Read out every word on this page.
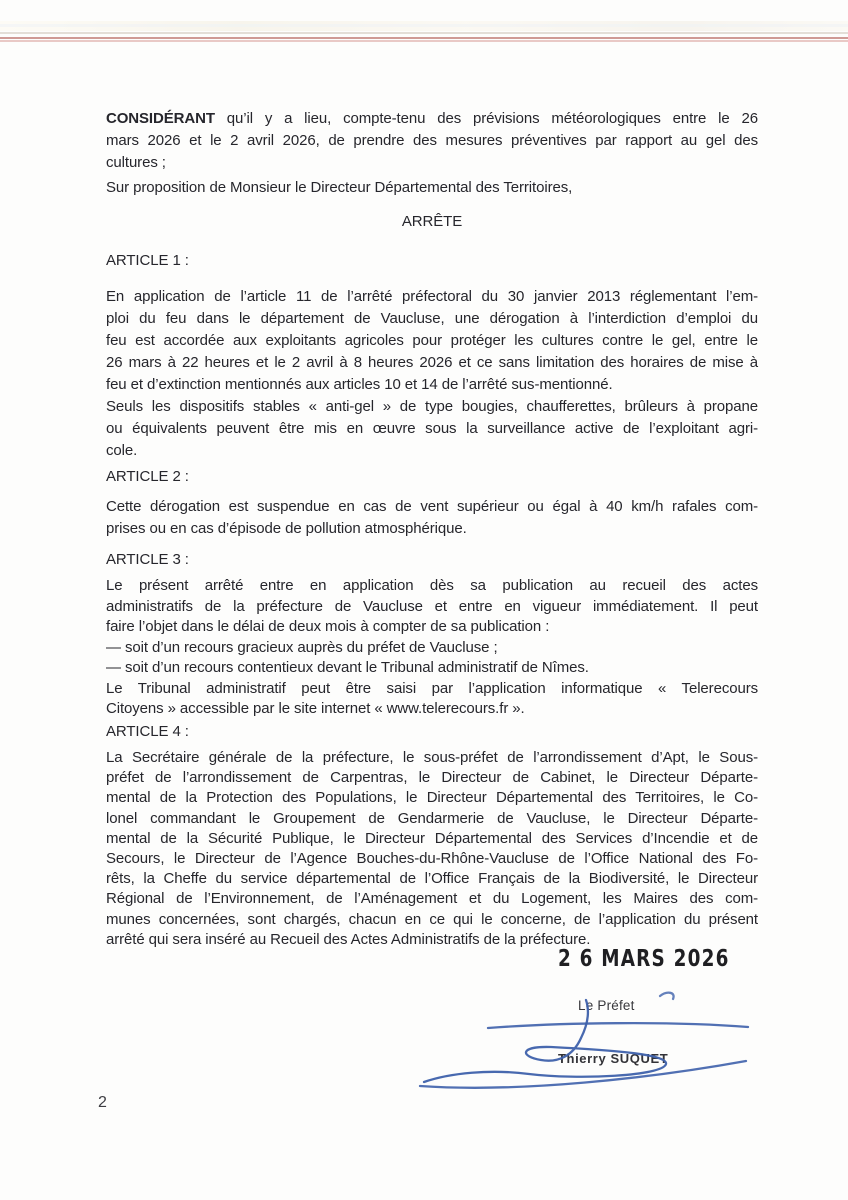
CONSIDÉRANT qu’il y a lieu, compte-tenu des prévisions météorologiques entre le 26
mars 2026 et le 2 avril 2026, de prendre des mesures préventives par rapport au gel des
cultures ;
Sur proposition de Monsieur le Directeur Départemental des Territoires,
ARRÊTE
ARTICLE 1 :
En application de l’article 11 de l’arrêté préfectoral du 30 janvier 2013 réglementant l’em-
ploi du feu dans le département de Vaucluse, une dérogation à l’interdiction d’emploi du
feu est accordée aux exploitants agricoles pour protéger les cultures contre le gel, entre le
26 mars à 22 heures et le 2 avril à 8 heures 2026 et ce sans limitation des horaires de mise à
feu et d’extinction mentionnés aux articles 10 et 14 de l’arrêté sus-mentionné.
Seuls les dispositifs stables « anti-gel » de type bougies, chaufferettes, brûleurs à propane
ou équivalents peuvent être mis en œuvre sous la surveillance active de l’exploitant agri-
cole.
ARTICLE 2 :
Cette dérogation est suspendue en cas de vent supérieur ou égal à 40 km/h rafales com-
prises ou en cas d’épisode de pollution atmosphérique.
ARTICLE 3 :
Le présent arrêté entre en application dès sa publication au recueil des actes
administratifs de la préfecture de Vaucluse et entre en vigueur immédiatement. Il peut
faire l’objet dans le délai de deux mois à compter de sa publication :
— soit d’un recours gracieux auprès du préfet de Vaucluse ;
— soit d’un recours contentieux devant le Tribunal administratif de Nîmes.
Le Tribunal administratif peut être saisi par l’application informatique « Telerecours
Citoyens » accessible par le site internet « www.telerecours.fr ».
ARTICLE 4 :
La Secrétaire générale de la préfecture, le sous-préfet de l’arrondissement d’Apt, le Sous-
préfet de l’arrondissement de Carpentras, le Directeur de Cabinet, le Directeur Départe-
mental de la Protection des Populations, le Directeur Départemental des Territoires, le Co-
lonel commandant le Groupement de Gendarmerie de Vaucluse, le Directeur Départe-
mental de la Sécurité Publique, le Directeur Départemental des Services d’Incendie et de
Secours, le Directeur de l’Agence Bouches-du-Rhône-Vaucluse de l’Office National des Fo-
rêts, la Cheffe du service départemental de l’Office Français de la Biodiversité, le Directeur
Régional de l’Environnement, de l’Aménagement et du Logement, les Maires des com-
munes concernées, sont chargés, chacun en ce qui le concerne, de l’application du présent
arrêté qui sera inséré au Recueil des Actes Administratifs de la préfecture.
2 6 MARS 2026
Le Préfet
Thierry SUQUET
2
